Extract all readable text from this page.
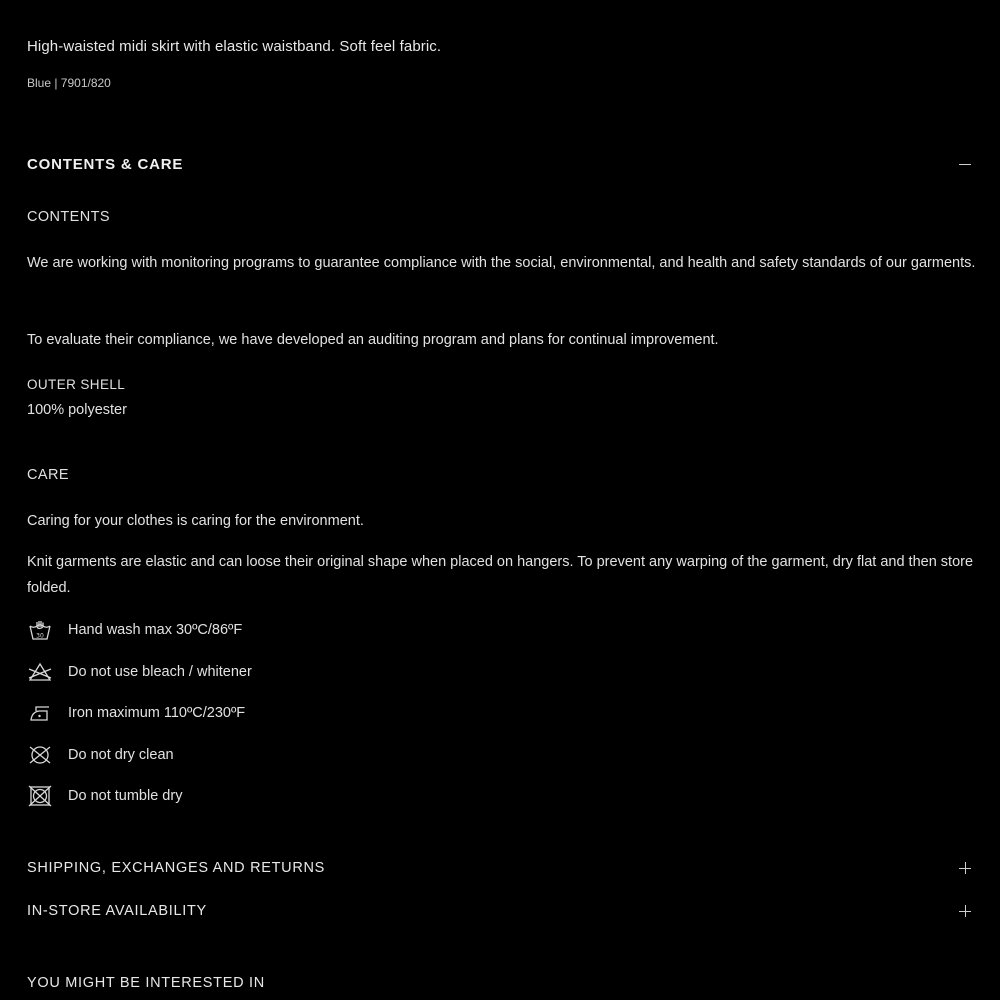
High-waisted midi skirt with elastic waistband. Soft feel fabric.
Blue | 7901/820
CONTENTS & CARE
CONTENTS
We are working with monitoring programs to guarantee compliance with the social, environmental, and health and safety standards of our garments.
To evaluate their compliance, we have developed an auditing program and plans for continual improvement.
OUTER SHELL
100% polyester
CARE
Caring for your clothes is caring for the environment.
Knit garments are elastic and can loose their original shape when placed on hangers. To prevent any warping of the garment, dry flat and then store folded.
30 Hand wash max 30ºC/86ºF
Do not use bleach / whitener
Iron maximum 110ºC/230ºF
Do not dry clean
Do not tumble dry
SHIPPING, EXCHANGES AND RETURNS
IN-STORE AVAILABILITY
YOU MIGHT BE INTERESTED IN
